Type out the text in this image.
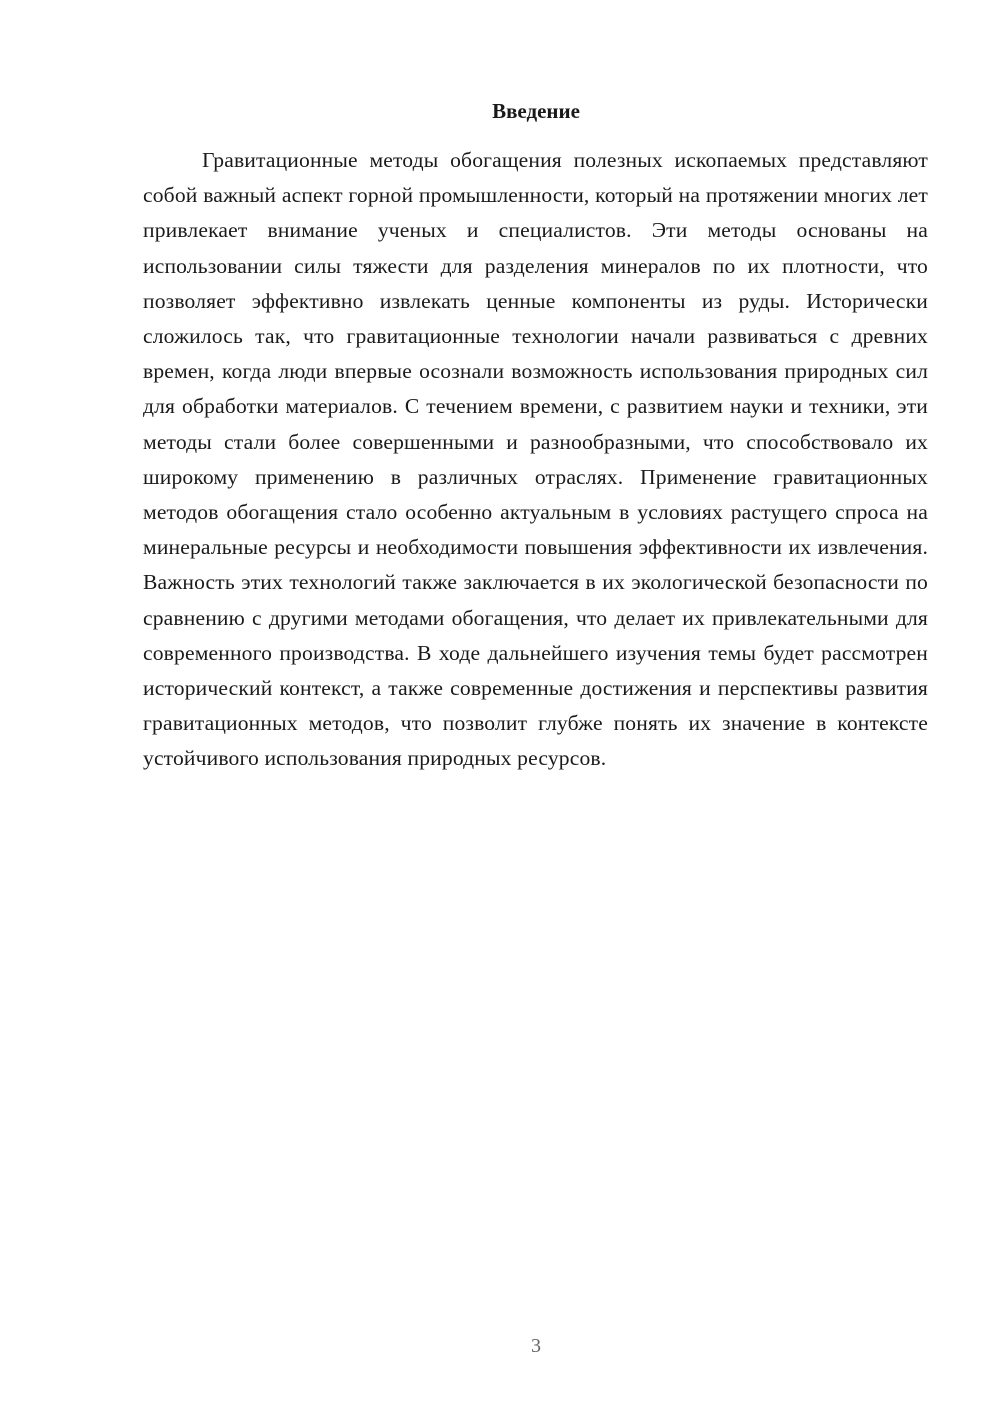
Введение

Гравитационные методы обогащения полезных ископаемых представляют собой важный аспект горной промышленности, который на протяжении многих лет привлекает внимание ученых и специалистов. Эти методы основаны на использовании силы тяжести для разделения минералов по их плотности, что позволяет эффективно извлекать ценные компоненты из руды. Исторически сложилось так, что гравитационные технологии начали развиваться с древних времен, когда люди впервые осознали возможность использования природных сил для обработки материалов. С течением времени, с развитием науки и техники, эти методы стали более совершенными и разнообразными, что способствовало их широкому применению в различных отраслях. Применение гравитационных методов обогащения стало особенно актуальным в условиях растущего спроса на минеральные ресурсы и необходимости повышения эффективности их извлечения. Важность этих технологий также заключается в их экологической безопасности по сравнению с другими методами обогащения, что делает их привлекательными для современного производства. В ходе дальнейшего изучения темы будет рассмотрен исторический контекст, а также современные достижения и перспективы развития гравитационных методов, что позволит глубже понять их значение в контексте устойчивого использования природных ресурсов.

3
